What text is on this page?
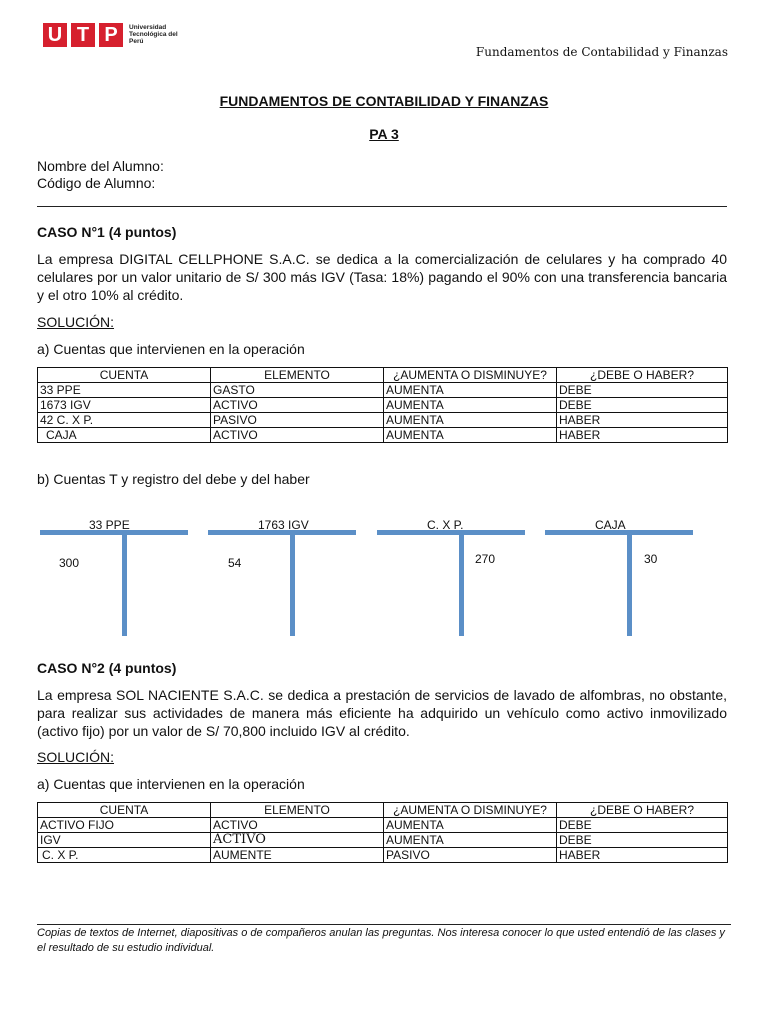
U T P	Universidad Tecnológica del Perú
Fundamentos de Contabilidad y Finanzas
FUNDAMENTOS DE CONTABILIDAD Y FINANZAS
PA 3
Nombre del Alumno:
Código de Alumno:
CASO N°1 (4 puntos)
La empresa DIGITAL CELLPHONE S.A.C. se dedica a la comercialización de celulares y ha comprado 40 celulares por un valor unitario de S/ 300 más IGV (Tasa: 18%) pagando el 90% con una transferencia bancaria y el otro 10% al crédito.
SOLUCIÓN:
a) Cuentas que intervienen en la operación
CUENTA	ELEMENTO	¿AUMENTA O DISMINUYE?	¿DEBE O HABER?
33 PPE	GASTO	AUMENTA	DEBE
1673 IGV	ACTIVO	AUMENTA	DEBE
42 C. X P.	PASIVO	AUMENTA	HABER
CAJA	ACTIVO	AUMENTA	HABER
b) Cuentas T y registro del debe y del haber
33 PPE
300
1763 IGV
54
C. X P.
270
CAJA
30
CASO N°2 (4 puntos)
La empresa SOL NACIENTE S.A.C. se dedica a prestación de servicios de lavado de alfombras, no obstante, para realizar sus actividades de manera más eficiente ha adquirido un vehículo como activo inmovilizado (activo fijo) por un valor de S/ 70,800 incluido IGV al crédito.
SOLUCIÓN:
a) Cuentas que intervienen en la operación
CUENTA	ELEMENTO	¿AUMENTA O DISMINUYE?	¿DEBE O HABER?
ACTIVO FIJO	ACTIVO	AUMENTA	DEBE
IGV	ACTIVO	AUMENTA	DEBE
C. X P.	AUMENTE	PASIVO	HABER
Copias de textos de Internet, diapositivas o de compañeros anulan las preguntas. Nos interesa conocer lo que usted entendió de las clases y el resultado de su estudio individual.
